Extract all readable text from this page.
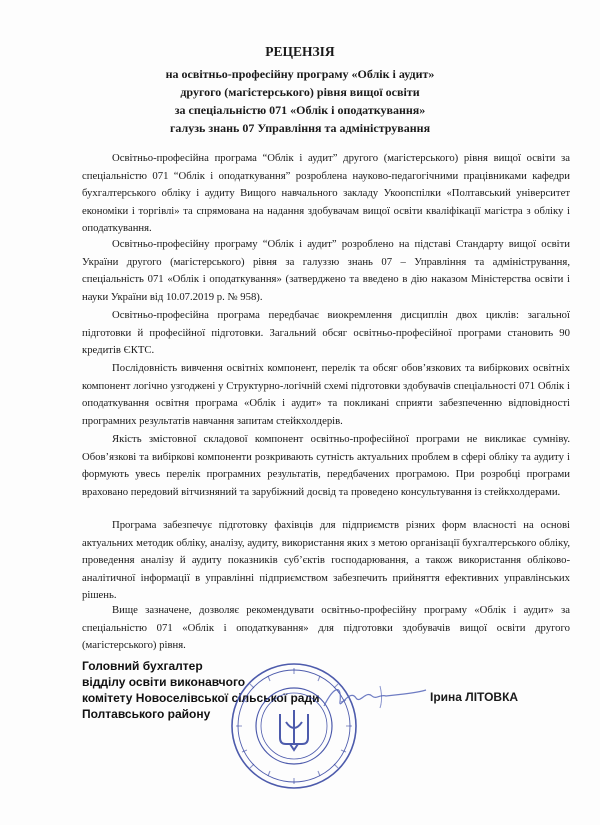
РЕЦЕНЗІЯ
на освітньо-професійну програму «Облік і аудит»
другого (магістерського) рівня вищої освіти
за спеціальністю 071 «Облік і оподаткування»
галузь знань 07 Управління та адміністрування

Освітньо-професійна програма “Облік і аудит” другого (магістерського) рівня вищої освіти за спеціальністю 071 “Облік і оподаткування” розроблена науково-педагогічними працівниками кафедри бухгалтерського обліку і аудиту Вищого навчального закладу Укоопспілки «Полтавський університет економіки і торгівлі» та спрямована на надання здобувачам вищої освіти кваліфікації магістра з обліку і оподаткування.

Освітньо-професійну програму “Облік і аудит” розроблено на підставі Стандарту вищої освіти України другого (магістерського) рівня за галуззю знань 07 – Управління та адміністрування, спеціальність 071 «Облік і оподаткування» (затверджено та введено в дію наказом Міністерства освіти і науки України від 10.07.2019 р. № 958).

Освітньо-професійна програма передбачає виокремлення дисциплін двох циклів: загальної підготовки й професійної підготовки. Загальний обсяг освітньо-професійної програми становить 90 кредитів ЄКТС.

Послідовність вивчення освітніх компонент, перелік та обсяг обов’язкових та вибіркових освітніх компонент логічно узгоджені у Структурно-логічній схемі підготовки здобувачів спеціальності 071 Облік і оподаткування освітня програма «Облік і аудит» та покликані сприяти забезпеченню відповідності програмних результатів навчання запитам стейкхолдерів.

Якість змістовної складової компонент освітньо-професійної програми не викликає сумніву. Обов’язкові та вибіркові компоненти розкривають сутність актуальних проблем в сфері обліку та аудиту і формують увесь перелік програмних результатів, передбачених програмою. При розробці програми враховано передовий вітчизняний та зарубіжний досвід та проведено консультування із стейкхолдерами.

Програма забезпечує підготовку фахівців для підприємств різних форм власності на основі актуальних методик обліку, аналізу, аудиту, використання яких з метою організації бухгалтерського обліку, проведення аналізу й аудиту показників суб’єктів господарювання, а також використання обліково-аналітичної інформації в управлінні підприємством забезпечить прийняття ефективних управлінських рішень.

Вище зазначене, дозволяє рекомендувати освітньо-професійну програму «Облік і аудит» за спеціальністю 071 «Облік і оподаткування» для підготовки здобувачів вищої освіти другого (магістерського) рівня.

Головний бухгалтер
відділу освіти виконавчого
комітету Новоселівської сільської ради
Полтавського району
Ірина ЛІТОВКА
